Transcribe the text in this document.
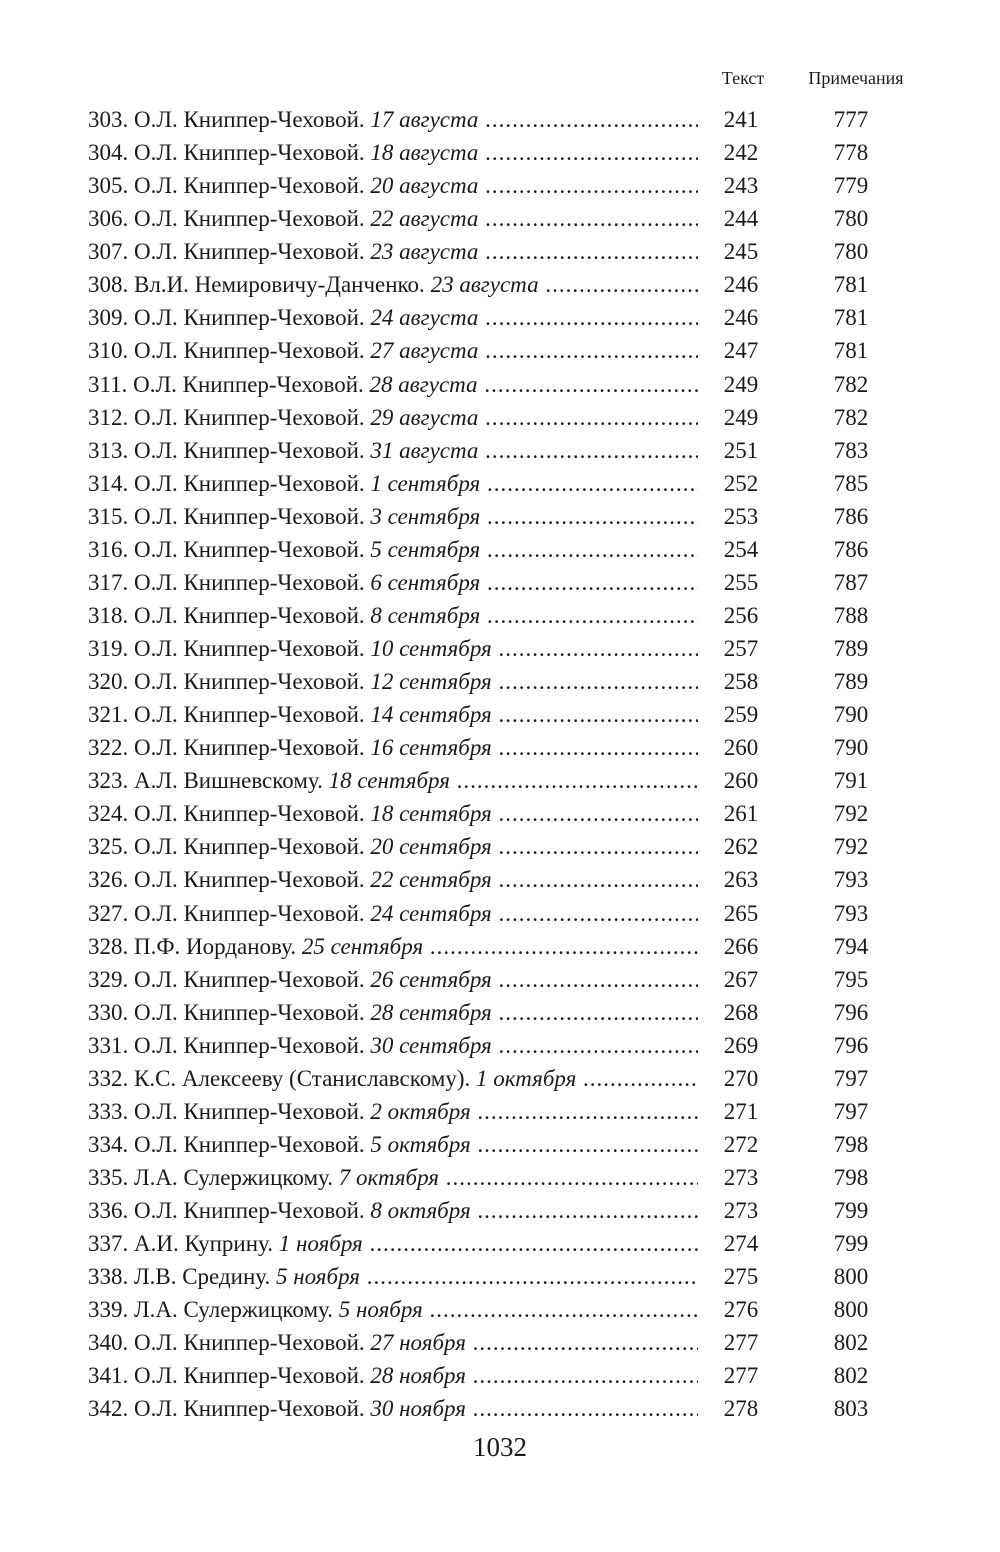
Текст	Примечания
303. О.Л. Книппер-Чеховой. 17 августа .....	241	777
304. О.Л. Книппер-Чеховой. 18 августа .....	242	778
305. О.Л. Книппер-Чеховой. 20 августа .....	243	779
306. О.Л. Книппер-Чеховой. 22 августа .....	244	780
307. О.Л. Книппер-Чеховой. 23 августа .....	245	780
308. Вл.И. Немировичу-Данченко. 23 августа .....	246	781
309. О.Л. Книппер-Чеховой. 24 августа .....	246	781
310. О.Л. Книппер-Чеховой. 27 августа .....	247	781
311. О.Л. Книппер-Чеховой. 28 августа .....	249	782
312. О.Л. Книппер-Чеховой. 29 августа .....	249	782
313. О.Л. Книппер-Чеховой. 31 августа .....	251	783
314. О.Л. Книппер-Чеховой. 1 сентября .....	252	785
315. О.Л. Книппер-Чеховой. 3 сентября .....	253	786
316. О.Л. Книппер-Чеховой. 5 сентября .....	254	786
317. О.Л. Книппер-Чеховой. 6 сентября .....	255	787
318. О.Л. Книппер-Чеховой. 8 сентября .....	256	788
319. О.Л. Книппер-Чеховой. 10 сентября .....	257	789
320. О.Л. Книппер-Чеховой. 12 сентября .....	258	789
321. О.Л. Книппер-Чеховой. 14 сентября .....	259	790
322. О.Л. Книппер-Чеховой. 16 сентября .....	260	790
323. А.Л. Вишневскому. 18 сентября .....	260	791
324. О.Л. Книппер-Чеховой. 18 сентября .....	261	792
325. О.Л. Книппер-Чеховой. 20 сентября .....	262	792
326. О.Л. Книппер-Чеховой. 22 сентября .....	263	793
327. О.Л. Книппер-Чеховой. 24 сентября .....	265	793
328. П.Ф. Иорданову. 25 сентября .....	266	794
329. О.Л. Книппер-Чеховой. 26 сентября .....	267	795
330. О.Л. Книппер-Чеховой. 28 сентября .....	268	796
331. О.Л. Книппер-Чеховой. 30 сентября .....	269	796
332. К.С. Алексееву (Станиславскому). 1 октября .....	270	797
333. О.Л. Книппер-Чеховой. 2 октября .....	271	797
334. О.Л. Книппер-Чеховой. 5 октября .....	272	798
335. Л.А. Сулержицкому. 7 октября .....	273	798
336. О.Л. Книппер-Чеховой. 8 октября .....	273	799
337. А.И. Куприну. 1 ноября .....	274	799
338. Л.В. Средину. 5 ноября .....	275	800
339. Л.А. Сулержицкому. 5 ноября .....	276	800
340. О.Л. Книппер-Чеховой. 27 ноября .....	277	802
341. О.Л. Книппер-Чеховой. 28 ноября .....	277	802
342. О.Л. Книппер-Чеховой. 30 ноября .....	278	803
1032
